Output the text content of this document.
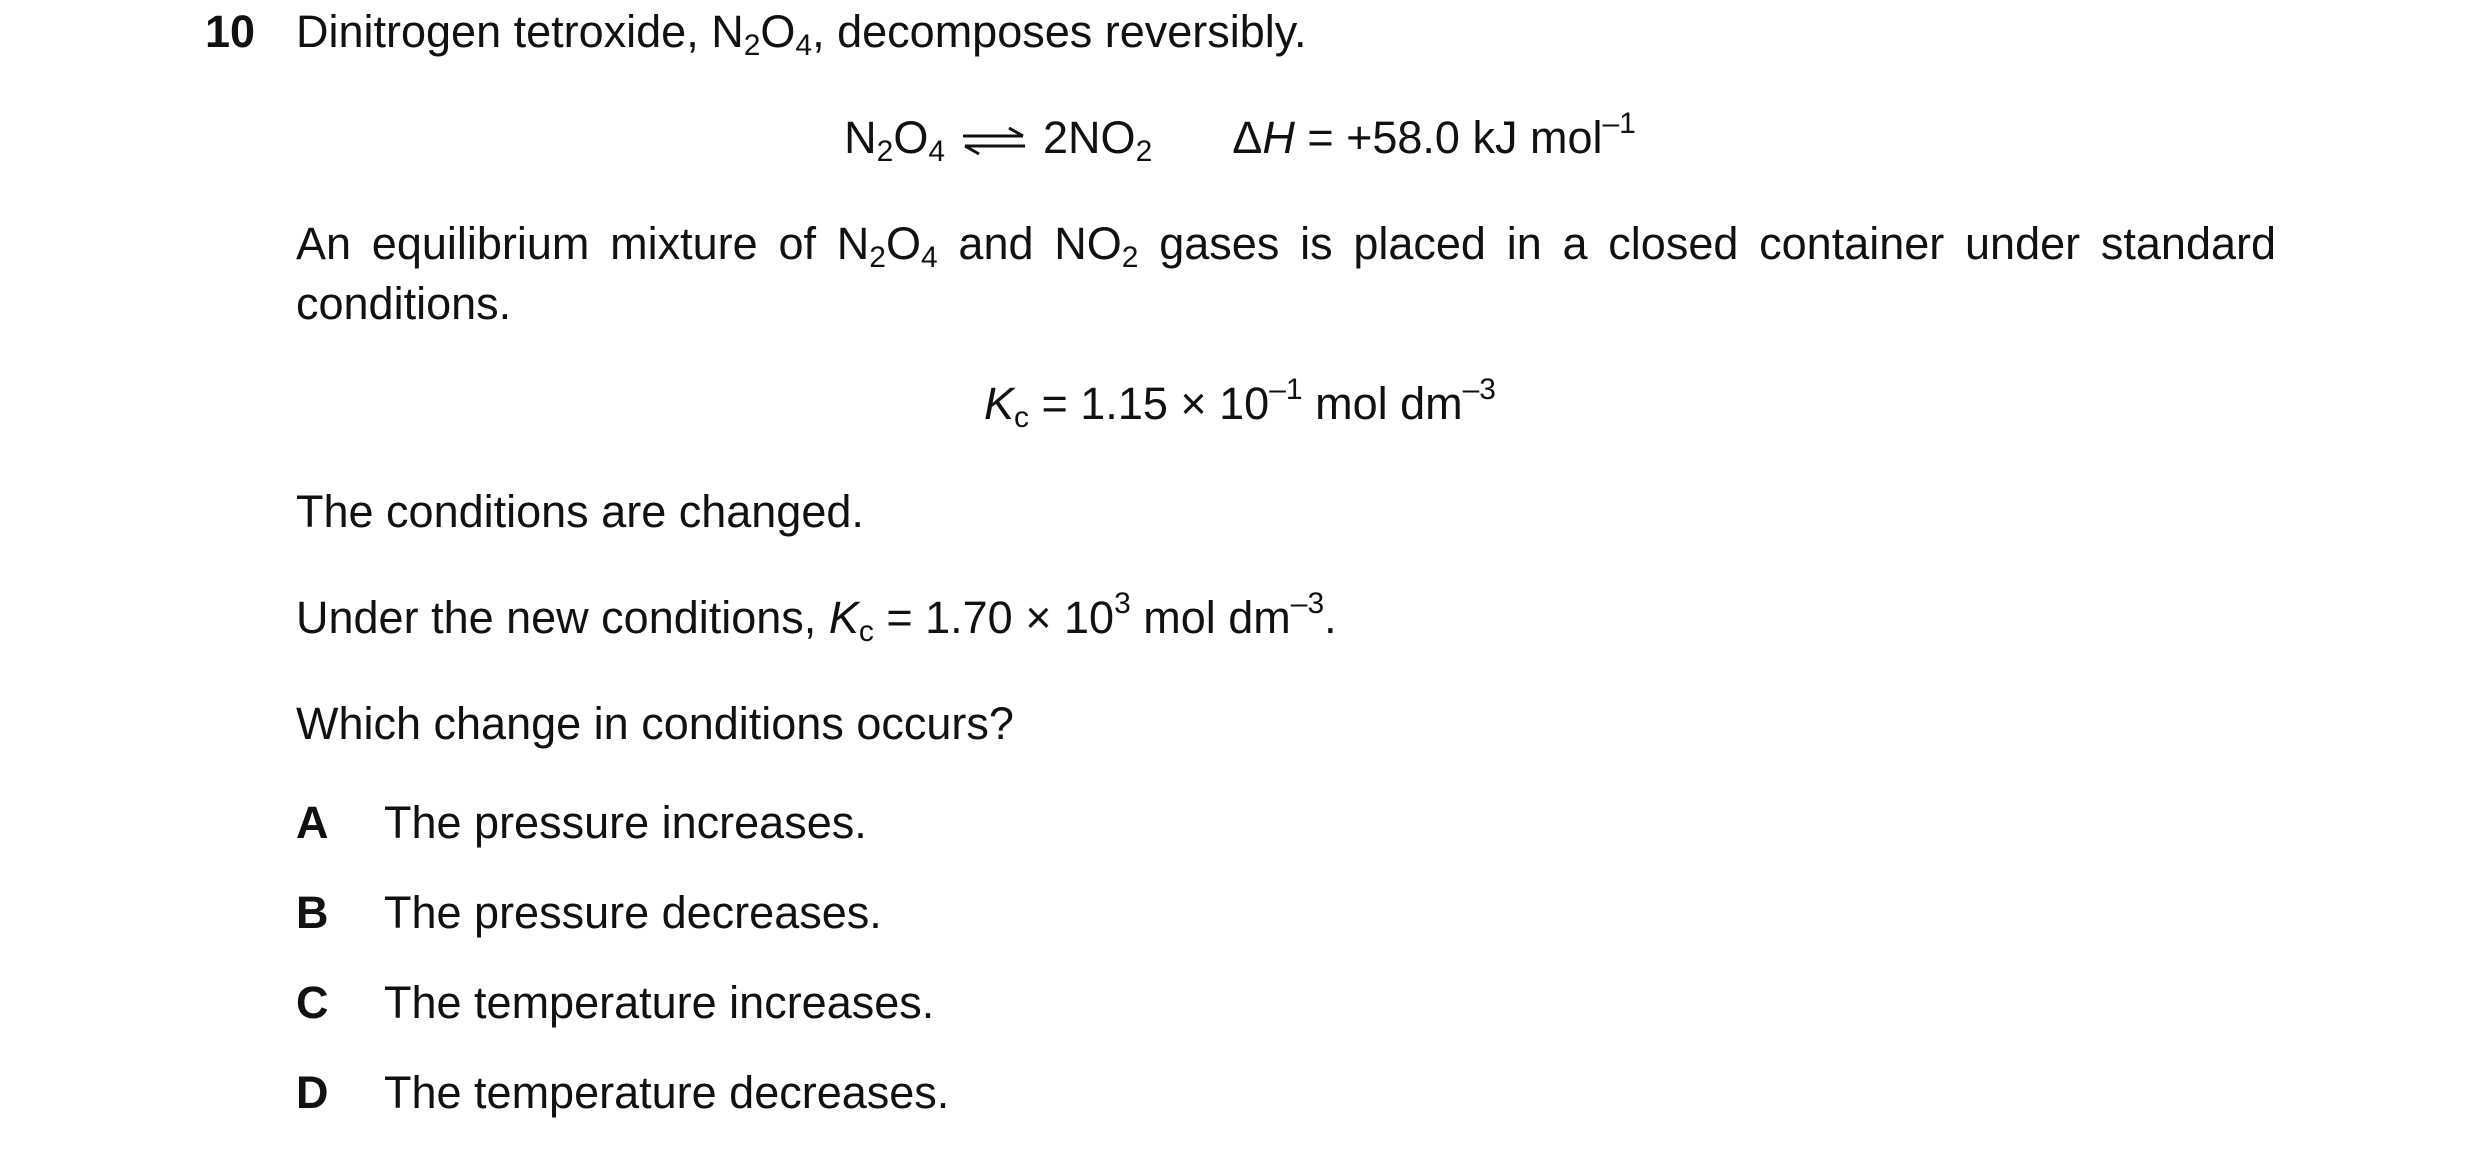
10 Dinitrogen tetroxide, $N_2O_4$, decomposes reversibly.
$N_2O_4$ ⇌ $2NO_2$ ΔH = +58.0 kJ mol$^{-1}$
An equilibrium mixture of $N_2O_4$ and $NO_2$ gases is placed in a closed container under standard
conditions.
$K_c = 1.15 \times 10^{-1}$ mol $dm^{-3}$
The conditions are changed.
Under the new conditions, $K_c = 1.70 \times 10^3$ mol $dm^{-3}$.
Which change in conditions occurs?
A The pressure increases.
B The pressure decreases.
C The temperature increases.
D The temperature decreases.
